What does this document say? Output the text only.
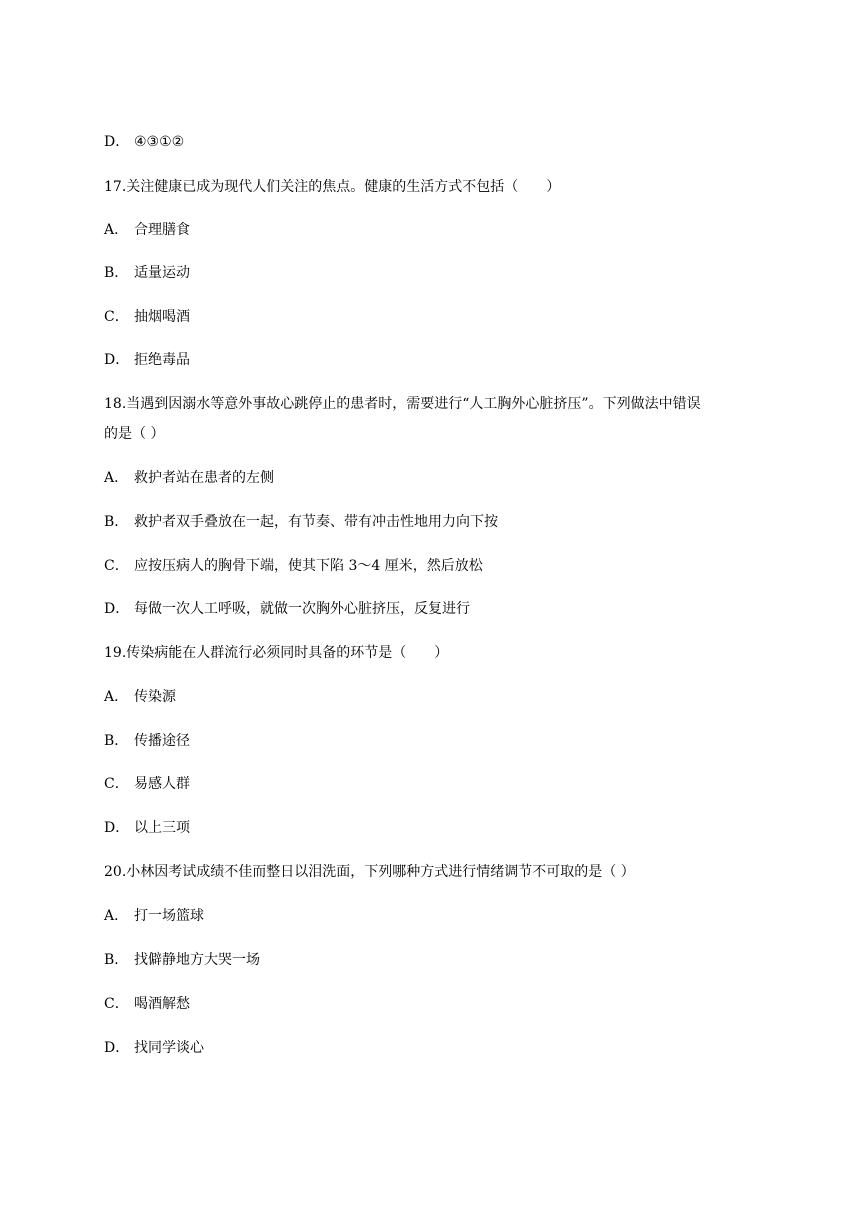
D． ④③①②
17.关注健康已成为现代人们关注的焦点。健康的生活方式不包括（　　）
A． 合理膳食
B． 适量运动
C． 抽烟喝酒
D． 拒绝毒品
18.当遇到因溺水等意外事故心跳停止的患者时，需要进行“人工胸外心脏挤压”。下列做法中错误
的是（ ）
A． 救护者站在患者的左侧
B． 救护者双手叠放在一起，有节奏、带有冲击性地用力向下按
C． 应按压病人的胸骨下端，使其下陷 3～4 厘米，然后放松
D． 每做一次人工呼吸，就做一次胸外心脏挤压，反复进行
19.传染病能在人群流行必须同时具备的环节是（　　）
A． 传染源
B． 传播途径
C． 易感人群
D． 以上三项
20.小林因考试成绩不佳而整日以泪洗面，下列哪种方式进行情绪调节不可取的是（ ）
A． 打一场篮球
B． 找僻静地方大哭一场
C． 喝酒解愁
D． 找同学谈心
